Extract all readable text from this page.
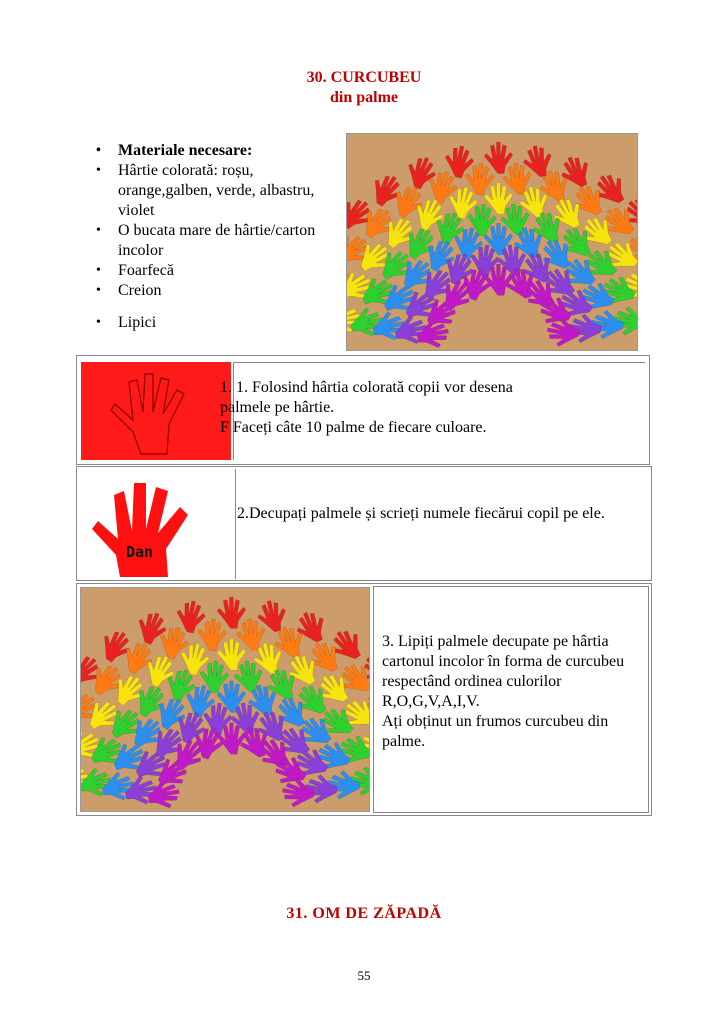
30. CURCUBEU
din palme
• Materiale necesare:
• Hârtie colorată: roșu, orange,galben, verde, albastru, violet
• O bucata mare de hârtie/carton incolor
• Foarfecă
• Creion
• Lipici
1. 1. Folosind hârtia colorată copii vor desena
palmele pe hârtie.
F Faceți câte 10 palme de fiecare culoare.
Dan
2.Decupați palmele și scrieți numele fiecărui copil pe ele.
3. Lipiți palmele decupate pe hârtia cartonul incolor în forma de curcubeu respectând ordinea culorilor R,O,G,V,A,I,V.
Ați obținut un frumos curcubeu din palme.
31. OM DE ZĂPADĂ
55
